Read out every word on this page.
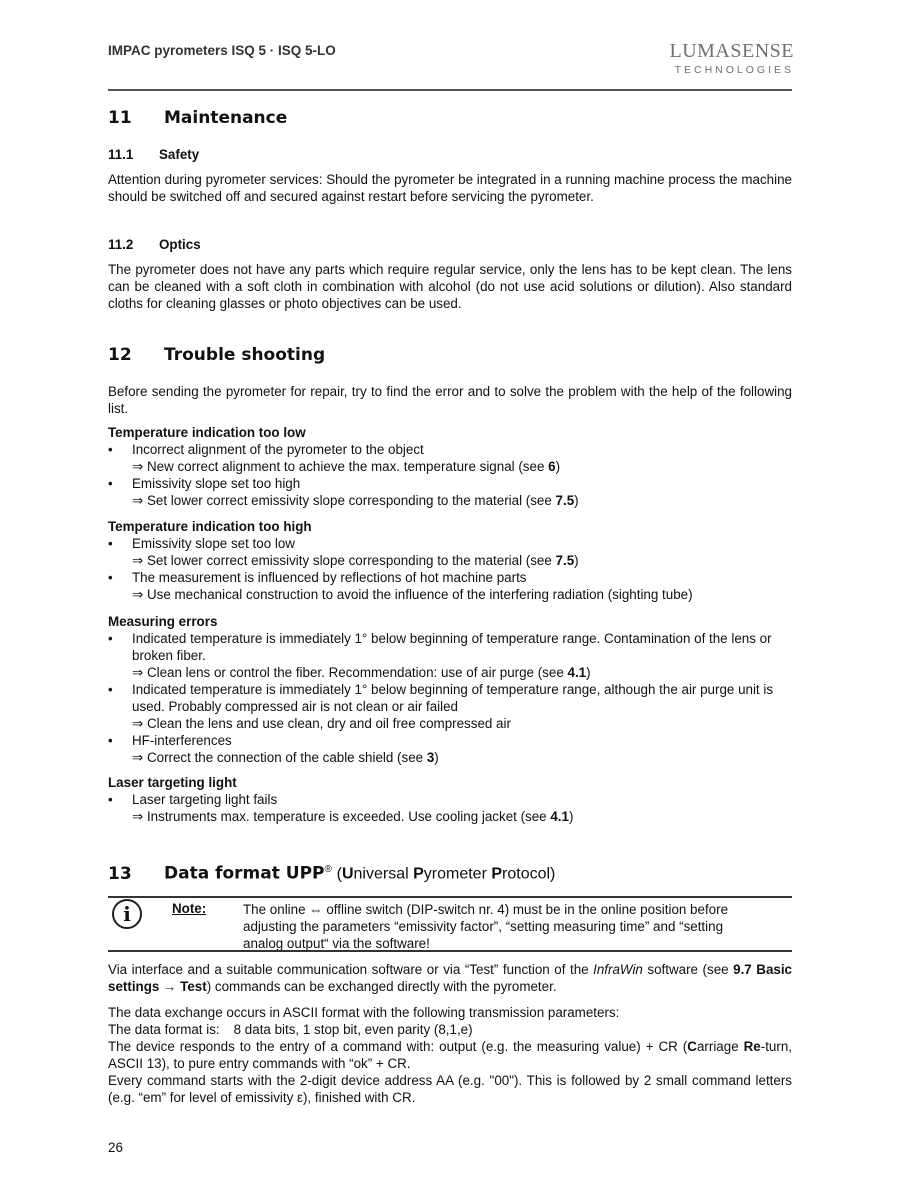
IMPAC pyrometers ISQ 5 · ISQ 5-LO	LUMASENSE
TECHNOLOGIES
11 Maintenance
11.1 Safety
Attention during pyrometer services: Should the pyrometer be integrated in a running machine process the machine should be switched off and secured against restart before servicing the pyrometer.
11.2 Optics
The pyrometer does not have any parts which require regular service, only the lens has to be kept clean. The lens can be cleaned with a soft cloth in combination with alcohol (do not use acid solutions or dilution). Also standard cloths for cleaning glasses or photo objectives can be used.
12 Trouble shooting
Before sending the pyrometer for repair, try to find the error and to solve the problem with the help of the following list.
Temperature indication too low
• Incorrect alignment of the pyrometer to the object
⇒ New correct alignment to achieve the max. temperature signal (see 6)
• Emissivity slope set too high
⇒ Set lower correct emissivity slope corresponding to the material (see 7.5)
Temperature indication too high
• Emissivity slope set too low
⇒ Set lower correct emissivity slope corresponding to the material (see 7.5)
• The measurement is influenced by reflections of hot machine parts
⇒ Use mechanical construction to avoid the influence of the interfering radiation (sighting tube)
Measuring errors
• Indicated temperature is immediately 1° below beginning of temperature range. Contamination of the lens or broken fiber.
⇒ Clean lens or control the fiber. Recommendation: use of air purge (see 4.1)
• Indicated temperature is immediately 1° below beginning of temperature range, although the air purge unit is used. Probably compressed air is not clean or air failed
⇒ Clean the lens and use clean, dry and oil free compressed air
• HF-interferences
⇒ Correct the connection of the cable shield (see 3)
Laser targeting light
• Laser targeting light fails
⇒ Instruments max. temperature is exceeded. Use cooling jacket (see 4.1)
13 Data format UPP® (Universal Pyrometer Protocol)
i	Note:	The online ⇔ offline switch (DIP-switch nr. 4) must be in the online position before adjusting the parameters “emissivity factor”, “setting measuring time” and “setting analog output“ via the software!
Via interface and a suitable communication software or via “Test” function of the InfraWin software (see 9.7 Basic settings → Test) commands can be exchanged directly with the pyrometer.
The data exchange occurs in ASCII format with the following transmission parameters:
The data format is: 8 data bits, 1 stop bit, even parity (8,1,e)
The device responds to the entry of a command with: output (e.g. the measuring value) + CR (Carriage Re-turn, ASCII 13), to pure entry commands with “ok” + CR.
Every command starts with the 2-digit device address AA (e.g. "00"). This is followed by 2 small command letters (e.g. “em” for level of emissivity ε), finished with CR.
26
